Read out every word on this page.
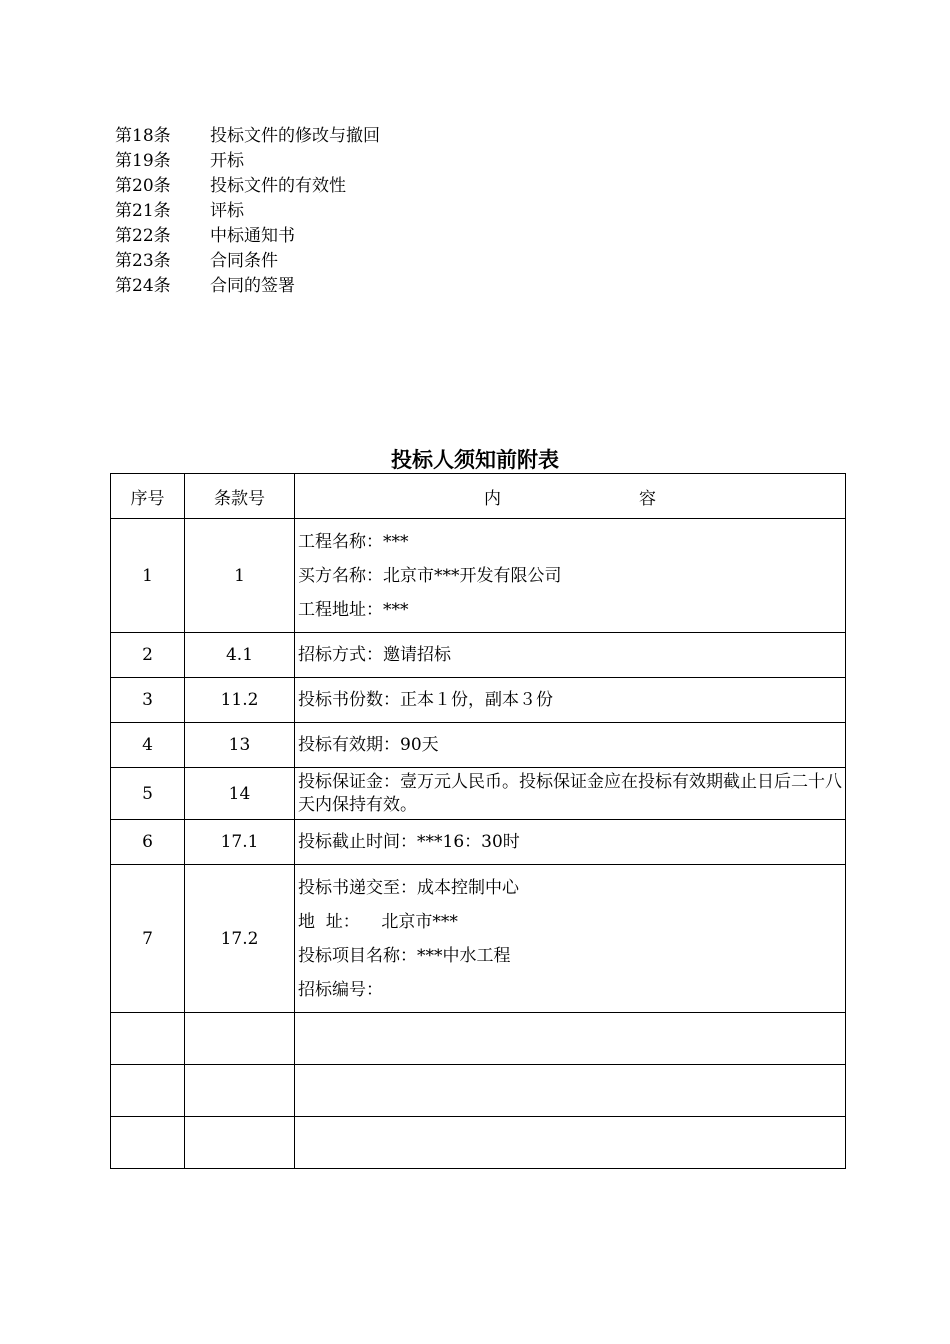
第18条	投标文件的修改与撤回
第19条	开标
第20条	投标文件的有效性
第21条	评标
第22条	中标通知书
第23条	合同条件
第24条	合同的签署
投标人须知前附表
序号	条款号	内 容
1	1	工程名称：***
买方名称：北京市***开发有限公司
工程地址：***

2	4.1	招标方式：邀请招标
3	11.2	投标书份数：正本１份，副本３份
4	13	投标有效期：90天
5	14	投标保证金：壹万元人民币。投标保证金应在投标有效期截止日后二十八天内保持有效。
6	17.1	投标截止时间：***16：30时
7	17.2	投标书递交至：成本控制中心
地  址：    北京市***
投标项目名称：***中水工程
招标编号：
